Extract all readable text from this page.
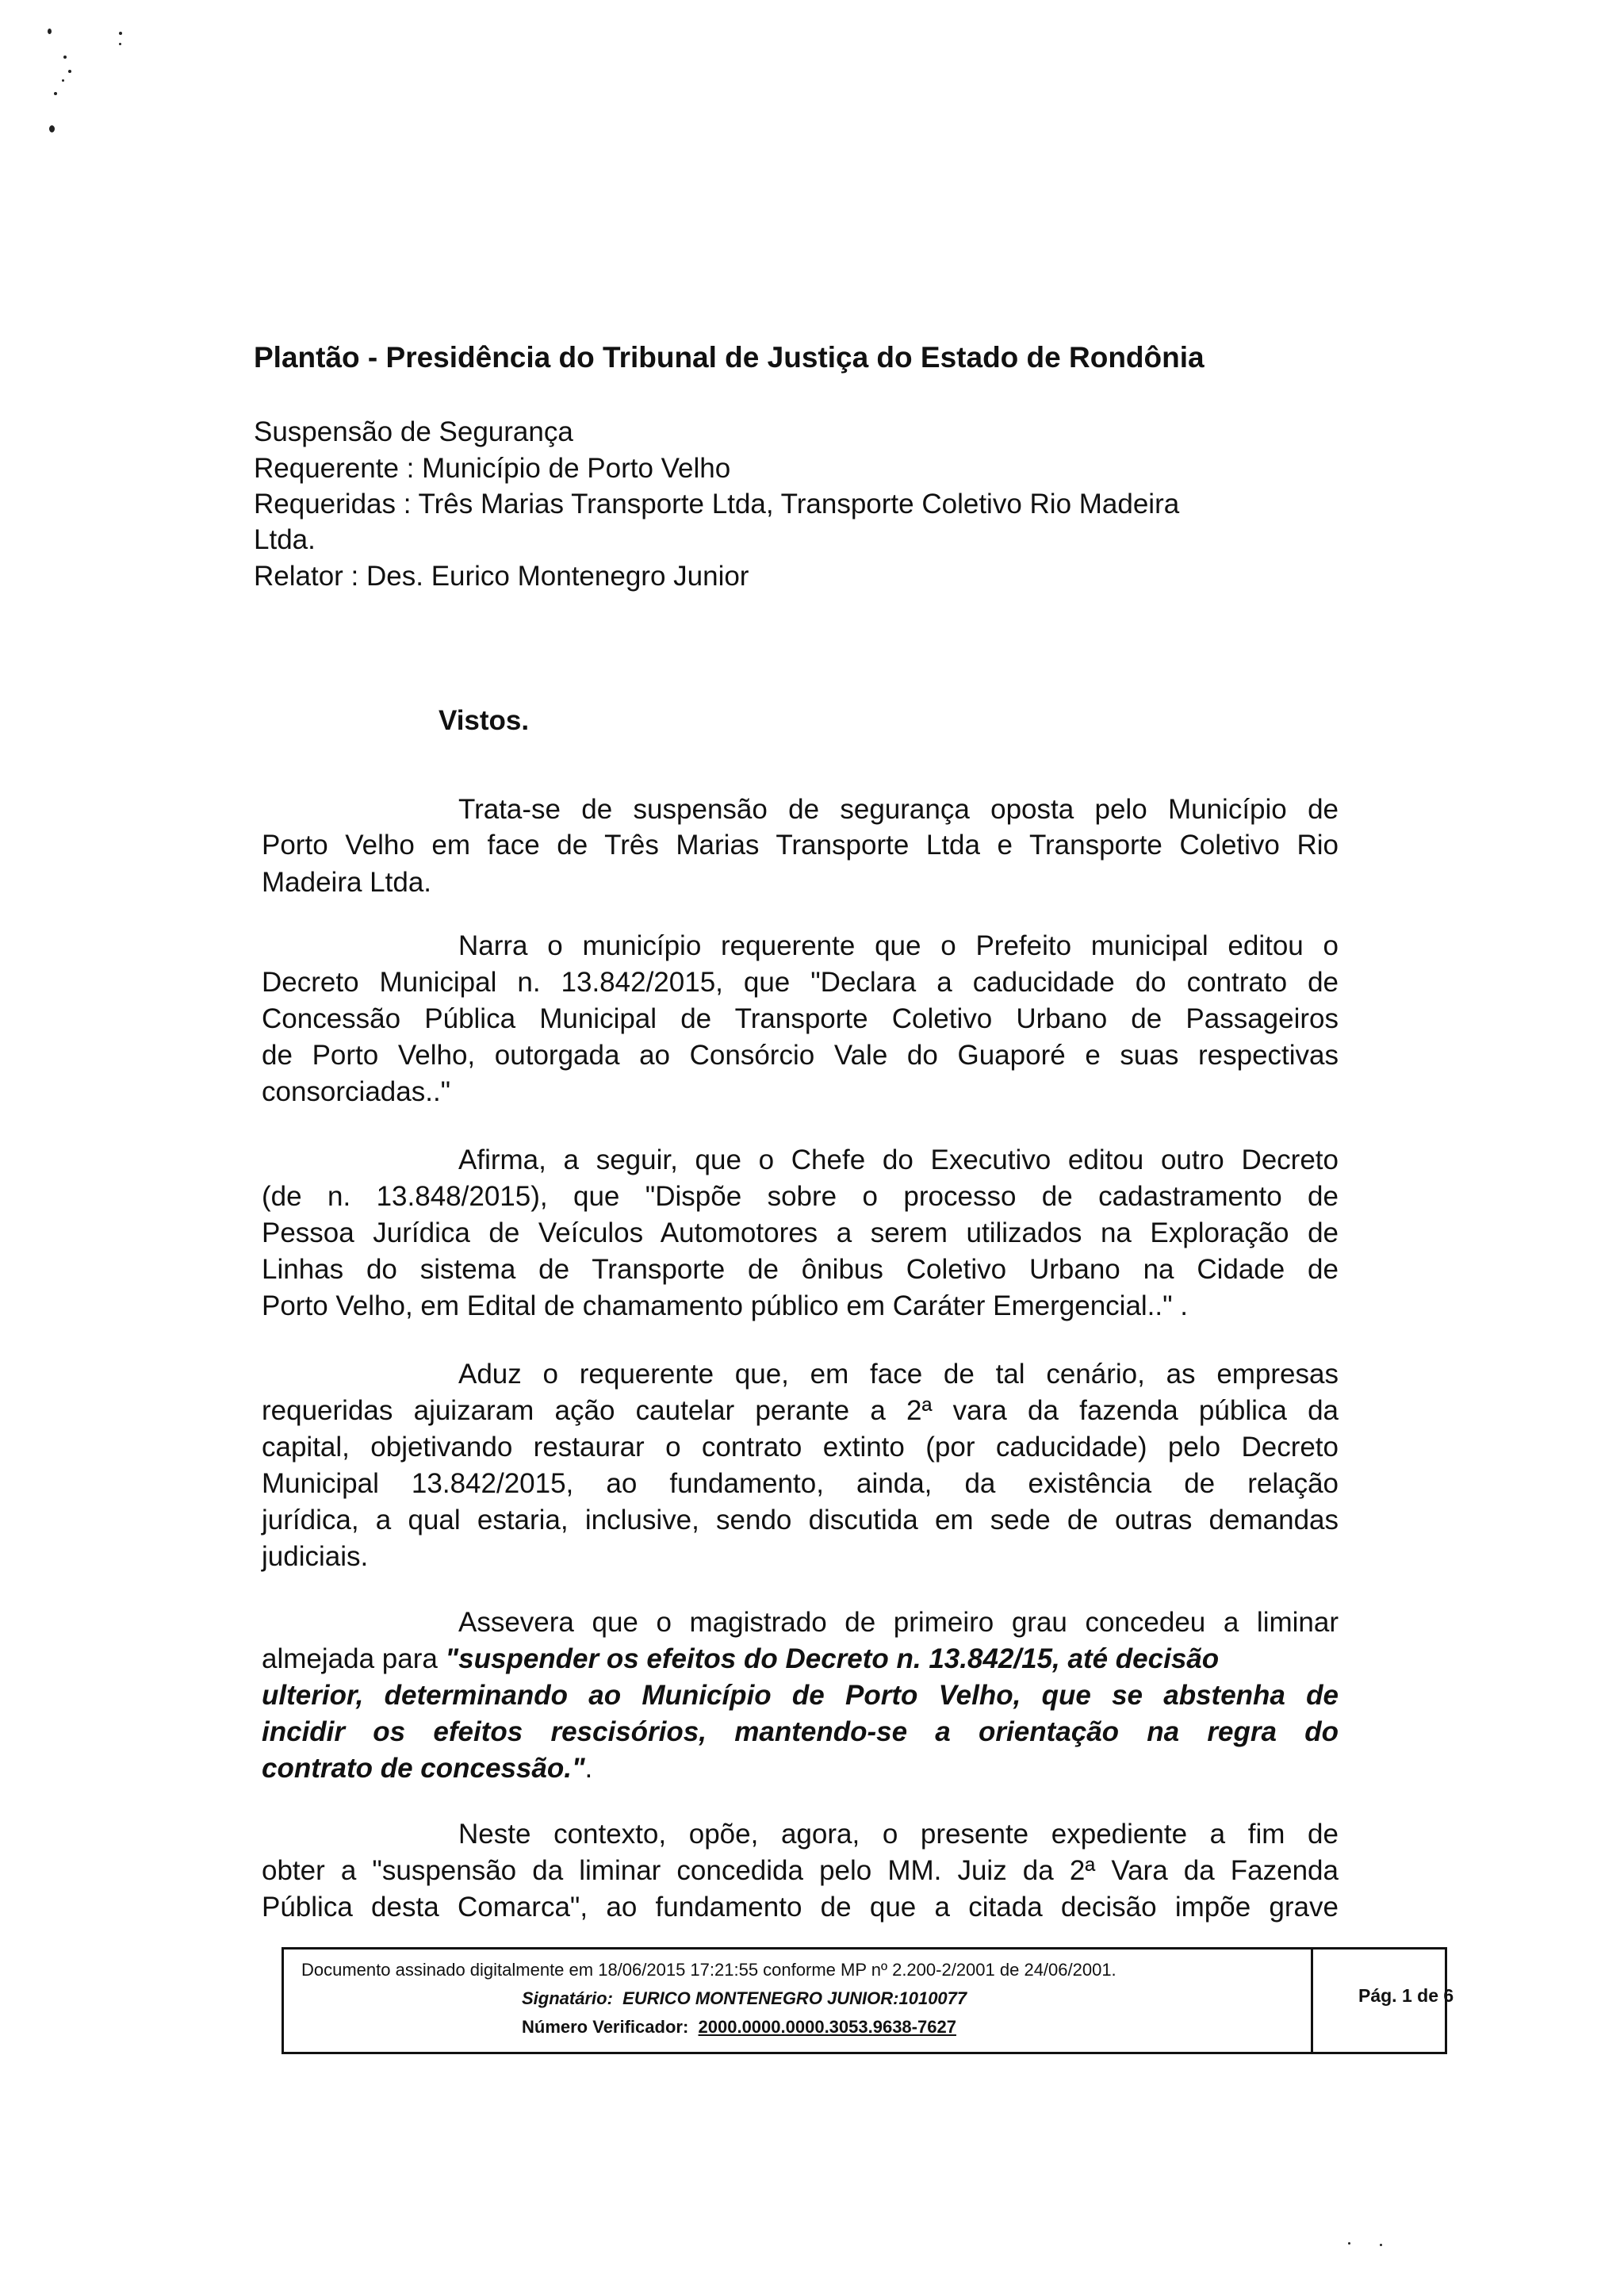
Plantão - Presidência do Tribunal de Justiça do Estado de Rondônia
Suspensão de Segurança
Requerente : Município de Porto Velho
Requeridas : Três Marias Transporte Ltda, Transporte Coletivo Rio Madeira
Ltda.
Relator : Des. Eurico Montenegro Junior
Vistos.
Trata-se de suspensão de segurança oposta pelo Município de
Porto Velho em face de Três Marias Transporte Ltda e Transporte Coletivo Rio
Madeira Ltda.
Narra o município requerente que o Prefeito municipal editou o
Decreto Municipal n. 13.842/2015, que "Declara a caducidade do contrato de
Concessão Pública Municipal de Transporte Coletivo Urbano de Passageiros
de Porto Velho, outorgada ao Consórcio Vale do Guaporé e suas respectivas
consorciadas.."
Afirma, a seguir, que o Chefe do Executivo editou outro Decreto
(de n. 13.848/2015), que "Dispõe sobre o processo de cadastramento de
Pessoa Jurídica de Veículos Automotores a serem utilizados na Exploração de
Linhas do sistema de Transporte de ônibus Coletivo Urbano na Cidade de
Porto Velho, em Edital de chamamento público em Caráter Emergencial.." .
Aduz o requerente que, em face de tal cenário, as empresas
requeridas ajuizaram ação cautelar perante a 2ª vara da fazenda pública da
capital, objetivando restaurar o contrato extinto (por caducidade) pelo Decreto
Municipal 13.842/2015, ao fundamento, ainda, da existência de relação
jurídica, a qual estaria, inclusive, sendo discutida em sede de outras demandas
judiciais.
Assevera que o magistrado de primeiro grau concedeu a liminar
almejada para "suspender os efeitos do Decreto n. 13.842/15, até decisão
ulterior, determinando ao Município de Porto Velho, que se abstenha de
incidir os efeitos rescisórios, mantendo-se a orientação na regra do
contrato de concessão.".
Neste contexto, opõe, agora, o presente expediente a fim de
obter a "suspensão da liminar concedida pelo MM. Juiz da 2ª Vara da Fazenda
Pública desta Comarca", ao fundamento de que a citada decisão impõe grave
Documento assinado digitalmente em 18/06/2015 17:21:55 conforme MP nº 2.200-2/2001 de 24/06/2001.
Signatário: EURICO MONTENEGRO JUNIOR:1010077
Número Verificador: 2000.0000.0000.3053.9638-7627
Pág. 1 de 6
